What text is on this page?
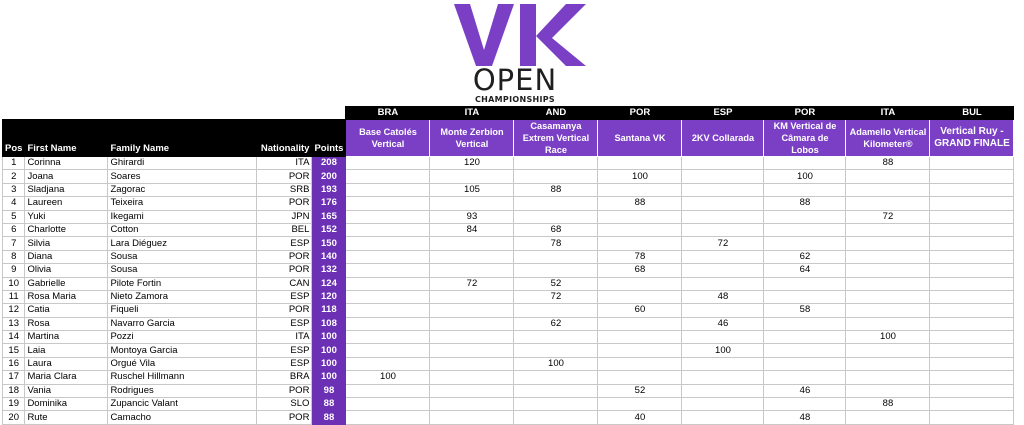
OPEN
CHAMPIONSHIPS
					BRA	ITA	AND	POR	ESP	POR	ITA	BUL
Pos	First Name	Family Name	Nationality	Points	Base Catolés Vertical	Monte Zerbion Vertical	Casamanya Extrem Vertical Race	Santana VK	2KV Collarada	KM Vertical de Câmara de Lobos	Adamello Vertical Kilometer®	Vertical Ruy - GRAND FINALE
1	Corinna	Ghirardi	ITA	208		120					88	
2	Joana	Soares	POR	200				100		100		
3	Sladjana	Zagorac	SRB	193		105	88					
4	Laureen	Teixeira	POR	176				88		88		
5	Yuki	Ikegami	JPN	165		93					72	
6	Charlotte	Cotton	BEL	152		84	68					
7	Silvia	Lara Diéguez	ESP	150			78		72			
8	Diana	Sousa	POR	140				78		62		
9	Olivia	Sousa	POR	132				68		64		
10	Gabrielle	Pilote Fortin	CAN	124		72	52					
11	Rosa Maria	Nieto Zamora	ESP	120			72		48			
12	Catia	Fiqueli	POR	118				60		58		
13	Rosa	Navarro Garcia	ESP	108			62		46			
14	Martina	Pozzi	ITA	100							100	
15	Laia	Montoya Garcia	ESP	100					100			
16	Laura	Orgué Vila	ESP	100			100					
17	Maria Clara	Ruschel Hillmann	BRA	100	100							
18	Vania	Rodrigues	POR	98				52		46		
19	Dominika	Zupancic Valant	SLO	88							88	
20	Rute	Camacho	POR	88				40		48		
